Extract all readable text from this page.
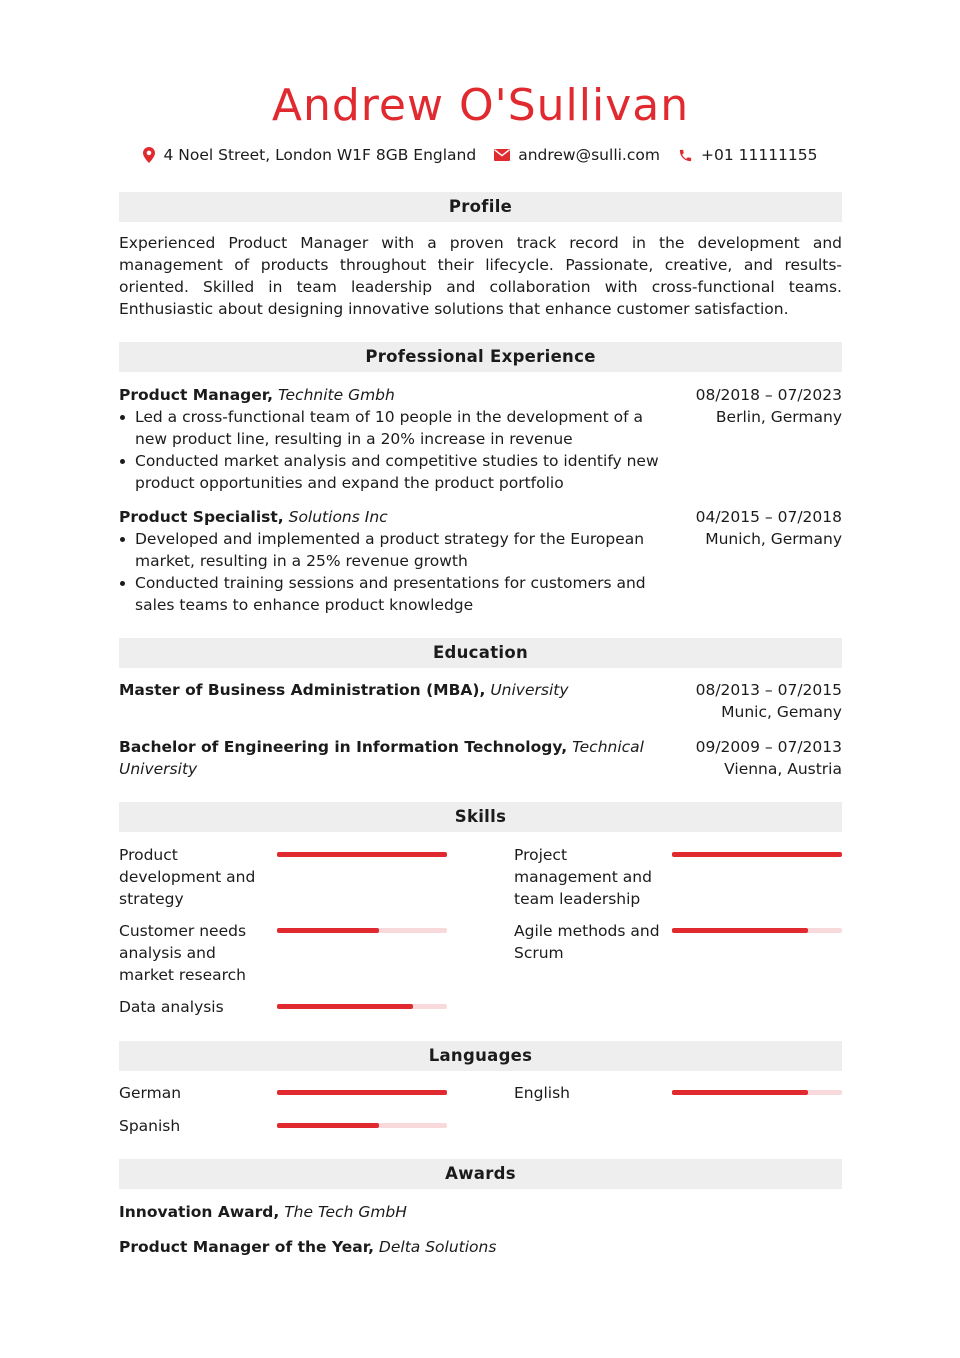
Andrew O'Sullivan
4 Noel Street, London W1F 8GB England	andrew@sulli.com	+01 11111155
Profile
Experienced Product Manager with a proven track record in the development and management of products throughout their lifecycle. Passionate, creative, and results-oriented. Skilled in team leadership and collaboration with cross-functional teams. Enthusiastic about designing innovative solutions that enhance customer satisfaction.
Professional Experience
Product Manager, Technite Gmbh
Led a cross-functional team of 10 people in the development of a new product line, resulting in a 20% increase in revenue
Conducted market analysis and competitive studies to identify new product opportunities and expand the product portfolio
08/2018 – 07/2023
Berlin, Germany
Product Specialist, Solutions Inc
Developed and implemented a product strategy for the European market, resulting in a 25% revenue growth
Conducted training sessions and presentations for customers and sales teams to enhance product knowledge
04/2015 – 07/2018
Munich, Germany
Education
Master of Business Administration (MBA), University	08/2013 – 07/2015
Munic, Gemany
Bachelor of Engineering in Information Technology, Technical University
09/2009 – 07/2013
Vienna, Austria
Skills
Product development and strategy
Project management and team leadership
Customer needs analysis and market research
Agile methods and Scrum
Data analysis
Languages
German	English
Spanish
Awards
Innovation Award, The Tech GmbH
Product Manager of the Year, Delta Solutions
